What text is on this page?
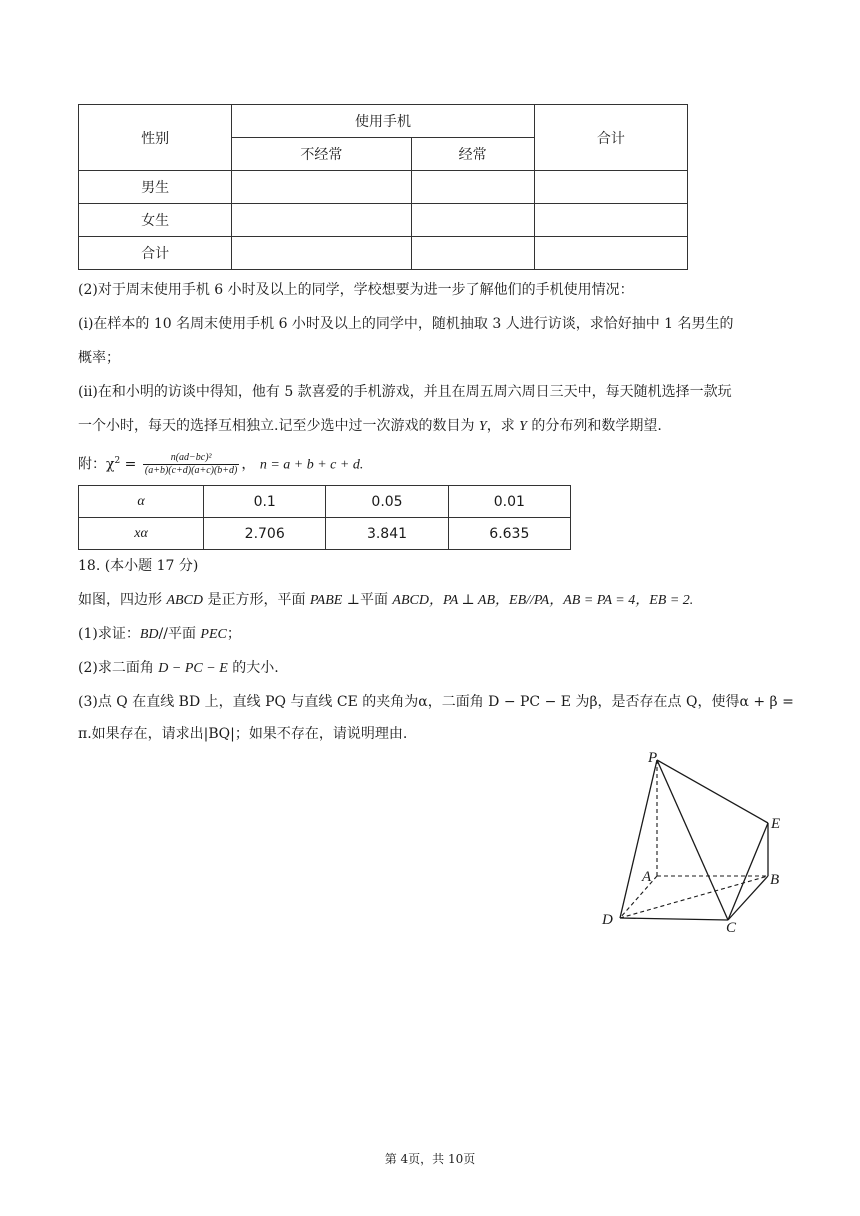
性别	使用手机		合计
	不经常	经常	
男生			
女生			
合计			
(2)对于周末使用手机 6 小时及以上的同学，学校想要为进一步了解他们的手机使用情况：
(ⅰ)在样本的 10 名周末使用手机 6 小时及以上的同学中，随机抽取 3 人进行访谈，求恰好抽中 1 名男生的
概率；
(ⅱ)在和小明的访谈中得知，他有 5 款喜爱的手机游戏，并且在周五周六周日三天中，每天随机选择一款玩
一个小时，每天的选择互相独立.记至少选中过一次游戏的数目为 Y，求 Y 的分布列和数学期望.
附：$\chi^2 = \frac{\text{n(ad−bc)²}}{(a+b)(c+d)(a+c)(b+d)}$ ， n = a + b + c + d.
α	0.1	0.05	0.01
xα	2.706	3.841	6.635
18. (本小题 17 分)
如图，四边形 ABCD 是正方形，平面 PABE ⊥平面 ABCD，PA ⊥ AB，EB//PA，AB = PA = 4，EB = 2.
(1)求证：BD//平面 PEC；
(2)求二面角 D − PC − E 的大小.
(3)点 Q 在直线 BD 上，直线 PQ 与直线 CE 的夹角为α，二面角 D − PC − E 为β，是否存在点 Q，使得α + β =
π.如果存在，请求出|BQ|；如果不存在，请说明理由.
P
E
A	B
D	C
第 4页，共 10页
